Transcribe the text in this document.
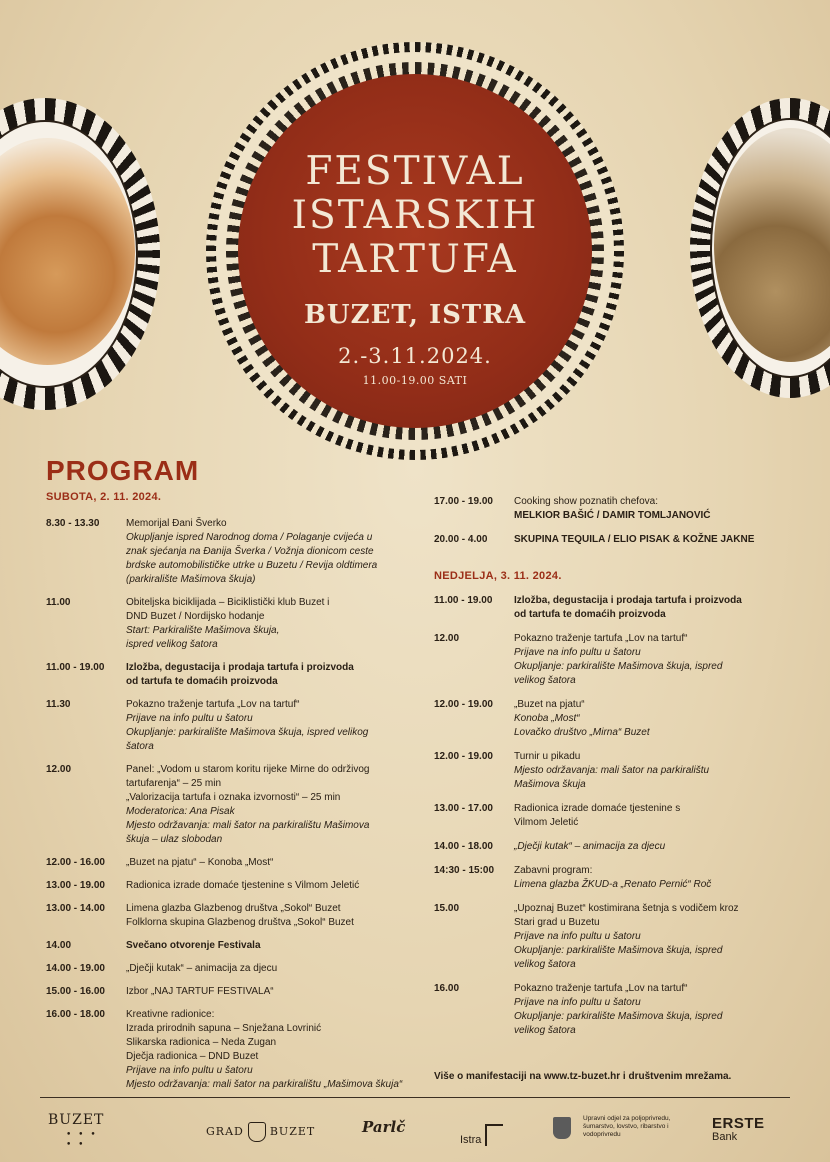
FESTIVAL
ISTARSKIH
TARTUFA
BUZET, ISTRA
2.-3.11.2024.
11.00-19.00 SATI
PROGRAM
SUBOTA, 2. 11. 2024.
8.30 - 13.30	Memorijal Đani Šverko
Okupljanje ispred Narodnog doma / Polaganje cvijeća u
znak sjećanja na Đanija Šverka / Vožnja dionicom ceste
brdske automobilističke utrke u Buzetu / Revija oldtimera
(parkiralište Mašimova škuja)
11.00	Obiteljska biciklijada – Biciklistički klub Buzet i
DND Buzet / Nordijsko hodanje
Start: Parkiralište Mašimova škuja,
ispred velikog šatora
11.00 - 19.00 Izložba, degustacija i prodaja tartufa i proizvoda
od tartufa te domaćih proizvoda
11.30	Pokazno traženje tartufa „Lov na tartuf“
Prijave na info pultu u šatoru
Okupljanje: parkiralište Mašimova škuja, ispred velikog
šatora
12.00	Panel: „Vodom u starom koritu rijeke Mirne do održivog
tartufarenja“ – 25 min
„Valorizacija tartufa i oznaka izvornosti“ – 25 min
Moderatorica: Ana Pisak
Mjesto održavanja: mali šator na parkiralištu Mašimova
škuja – ulaz slobodan
12.00 - 16.00 „Buzet na pjatu“ – Konoba „Most“
13.00 - 19.00 Radionica izrade domaće tjestenine s Vilmom Jeletić
13.00 - 14.00 Limena glazba Glazbenog društva „Sokol“ Buzet
Folklorna skupina Glazbenog društva „Sokol“ Buzet
14.00	Svečano otvorenje Festivala
14.00 - 19.00 „Dječji kutak“ – animacija za djecu
15.00 - 16.00 Izbor „NAJ TARTUF FESTIVALA“
16.00 - 18.00 Kreativne radionice:
Izrada prirodnih sapuna – Snježana Lovrinić
Slikarska radionica – Neda Zugan
Dječja radionica – DND Buzet
Prijave na info pultu u šatoru
Mjesto održavanja: mali šator na parkiralištu „Mašimova škuja“
17.00 - 19.00 Cooking show poznatih chefova:
MELKIOR BAŠIĆ / DAMIR TOMLJANOVIĆ
20.00 - 4.00	SKUPINA TEQUILA / ELIO PISAK & KOŽNE JAKNE
NEDJELJA, 3. 11. 2024.
11.00 - 19.00 Izložba, degustacija i prodaja tartufa i proizvoda
od tartufa te domaćih proizvoda
12.00	Pokazno traženje tartufa „Lov na tartuf“
Prijave na info pultu u šatoru
Okupljanje: parkiralište Mašimova škuja, ispred
velikog šatora
12.00 - 19.00 „Buzet na pjatu“
Konoba „Most“
Lovačko društvo „Mirna“ Buzet
12.00 - 19.00 Turnir u pikadu
Mjesto održavanja: mali šator na parkiralištu
Mašimova škuja
13.00 - 17.00 Radionica izrade domaće tjestenine s
Vilmom Jeletić
14.00 - 18.00 „Dječji kutak“ – animacija za djecu
14:30 - 15:00 Zabavni program:
Limena glazba ŽKUD-a „Renato Pernić“ Roč
15.00	„Upoznaj Buzet“ kostimirana šetnja s vodičem kroz
Stari grad u Buzetu
Prijave na info pultu u šatoru
Okupljanje: parkiralište Mašimova škuja, ispred
velikog šatora
16.00	Pokazno traženje tartufa „Lov na tartuf“
Prijave na info pultu u šatoru
Okupljanje: parkiralište Mašimova škuja, ispred
velikog šatora
Više o manifestaciji na www.tz-buzet.hr i društvenim mrežama.
BUZET
• • • • •
GRAD BUZET	Parlč
Istra
Upravni odjel za poljoprivredu, šumarstvo, lovstvo, ribarstvo i vodoprivredu
ERSTE
Bank
